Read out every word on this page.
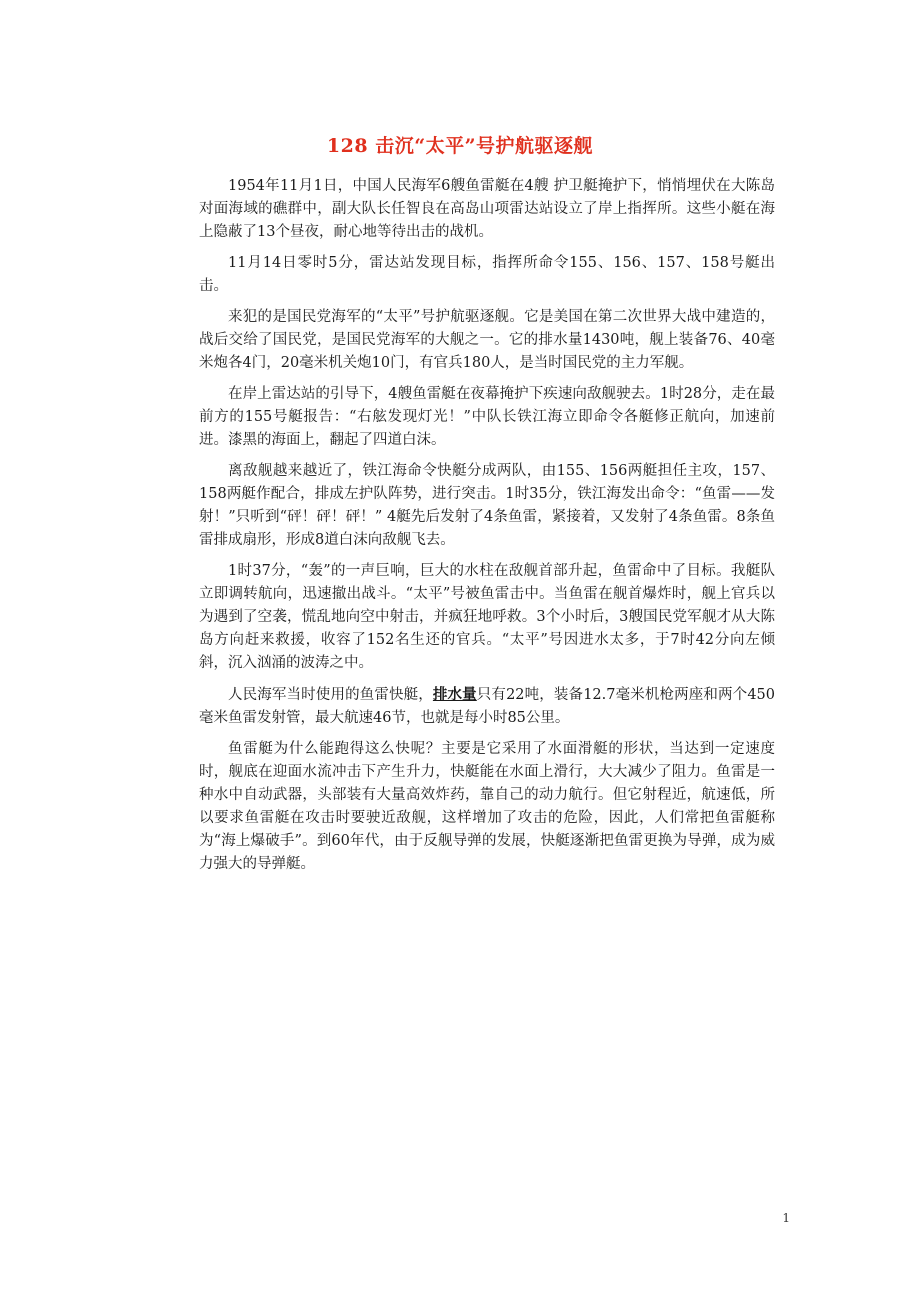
128 击沉“太平”号护航驱逐舰

1954年11月1日，中国人民海军6艘鱼雷艇在4艘 护卫艇掩护下，悄悄埋伏在大陈岛对面海域的礁群中，副大队长任智良在高岛山项雷达站设立了岸上指挥所。这些小艇在海上隐蔽了13个昼夜，耐心地等待出击的战机。

11月14日零时5分，雷达站发现目标，指挥所命令155、156、157、158号艇出击。

来犯的是国民党海军的“太平”号护航驱逐舰。它是美国在第二次世界大战中建造的，战后交给了国民党，是国民党海军的大舰之一。它的排水量1430吨，舰上装备76、40毫米炮各4门，20毫米机关炮10门，有官兵180人，是当时国民党的主力军舰。

在岸上雷达站的引导下，4艘鱼雷艇在夜幕掩护下疾速向敌舰驶去。1时28分，走在最前方的155号艇报告：“右舷发现灯光！”中队长铁江海立即命令各艇修正航向，加速前进。漆黑的海面上，翻起了四道白沫。

离敌舰越来越近了，铁江海命令快艇分成两队，由155、156两艇担任主攻，157、158两艇作配合，排成左护队阵势，进行突击。1时35分，铁江海发出命令：“鱼雷——发射！”只听到“砰！砰！砰！” 4艇先后发射了4条鱼雷，紧接着，又发射了4条鱼雷。8条鱼雷排成扇形，形成8道白沫向敌舰飞去。

1时37分，“轰”的一声巨响，巨大的水柱在敌舰首部升起，鱼雷命中了目标。我艇队立即调转航向，迅速撤出战斗。“太平”号被鱼雷击中。当鱼雷在舰首爆炸时，舰上官兵以为遇到了空袭，慌乱地向空中射击，并疯狂地呼救。3个小时后，3艘国民党军舰才从大陈岛方向赶来救援，收容了152名生还的官兵。“太平”号因进水太多，于7时42分向左倾斜，沉入汹涌的波涛之中。

人民海军当时使用的鱼雷快艇，排水量只有22吨，装备12.7毫米机枪两座和两个450毫米鱼雷发射管，最大航速46节，也就是每小时85公里。

鱼雷艇为什么能跑得这么快呢？主要是它采用了水面滑艇的形状，当达到一定速度时，舰底在迎面水流冲击下产生升力，快艇能在水面上滑行，大大减少了阻力。鱼雷是一种水中自动武器，头部装有大量高效炸药，靠自己的动力航行。但它射程近，航速低，所以要求鱼雷艇在攻击时要驶近敌舰，这样增加了攻击的危险，因此，人们常把鱼雷艇称为“海上爆破手”。到60年代，由于反舰导弹的发展，快艇逐渐把鱼雷更换为导弹，成为威力强大的导弹艇。

1
